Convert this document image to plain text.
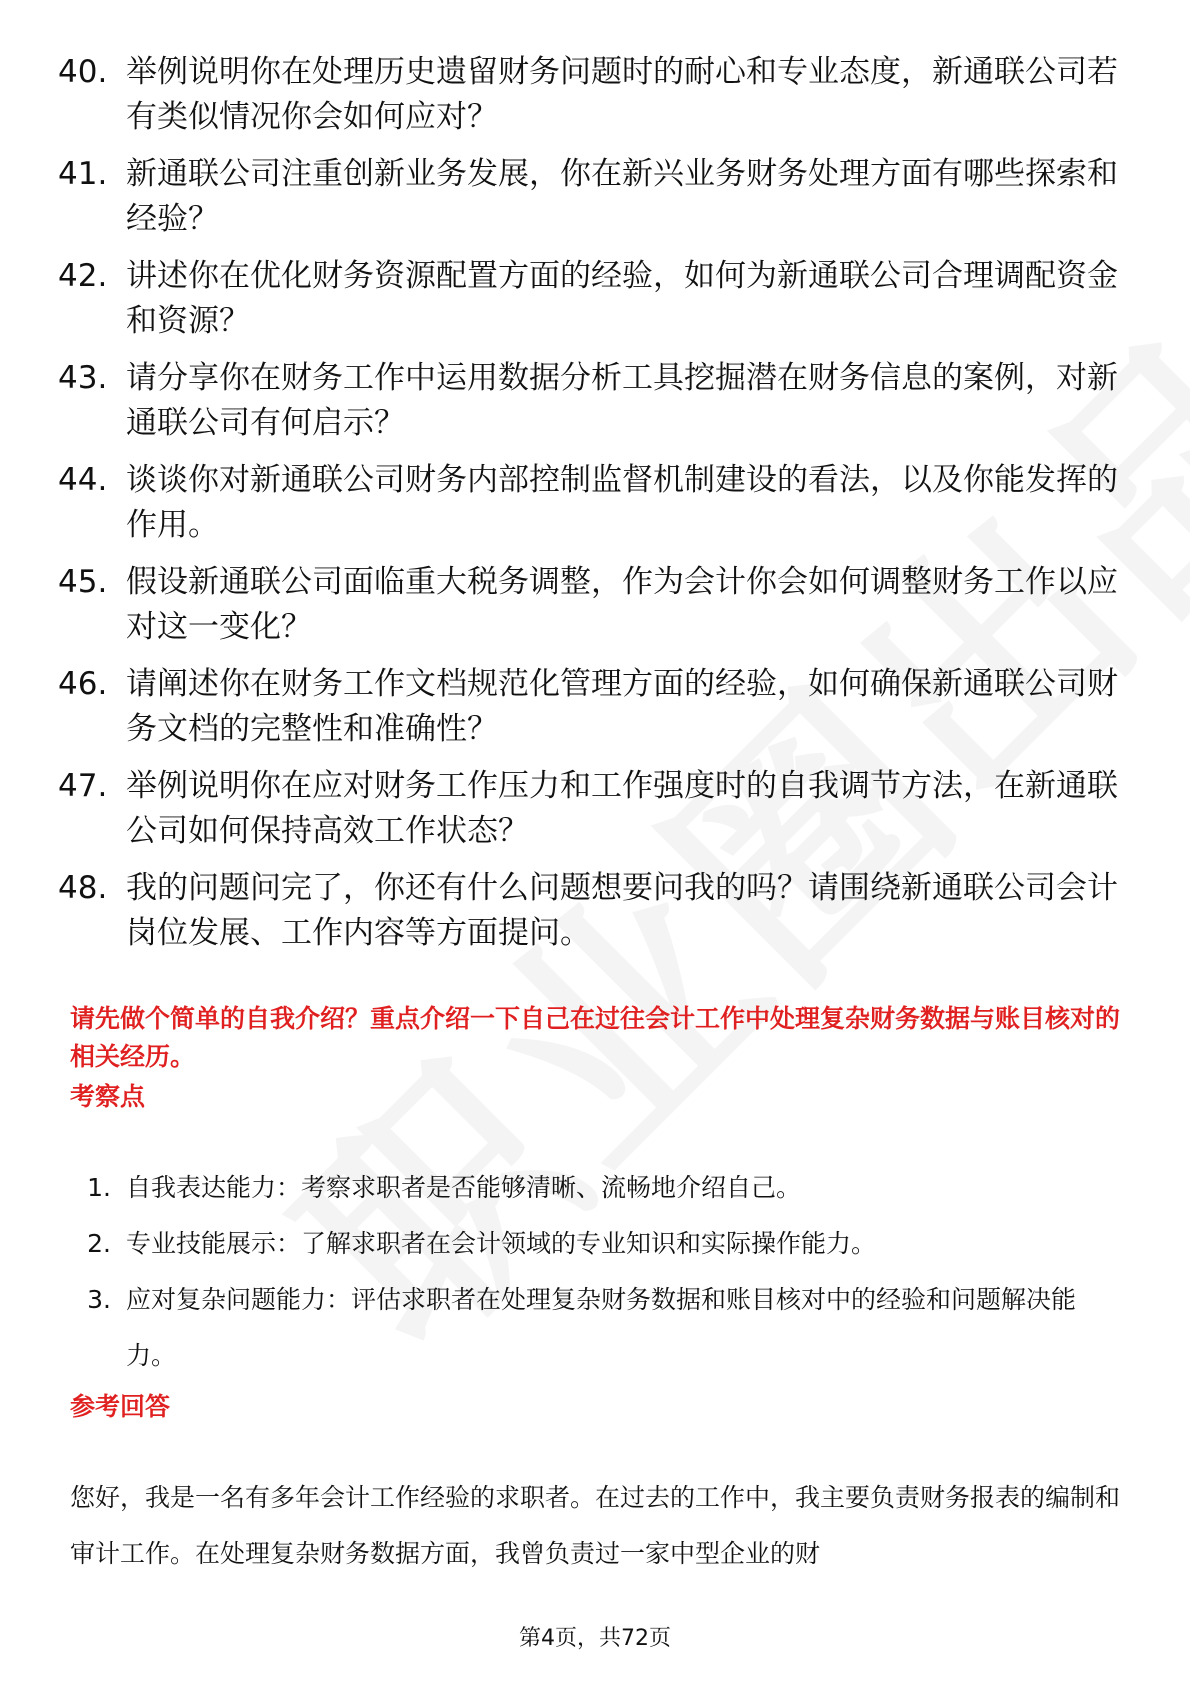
40. 举例说明你在处理历史遗留财务问题时的耐心和专业态度，新通联公司若有类似情况你会如何应对？
41. 新通联公司注重创新业务发展，你在新兴业务财务处理方面有哪些探索和经验？
42. 讲述你在优化财务资源配置方面的经验，如何为新通联公司合理调配资金和资源？
43. 请分享你在财务工作中运用数据分析工具挖掘潜在财务信息的案例，对新通联公司有何启示？
44. 谈谈你对新通联公司财务内部控制监督机制建设的看法，以及你能发挥的作用。
45. 假设新通联公司面临重大税务调整，作为会计你会如何调整财务工作以应对这一变化？
46. 请阐述你在财务工作文档规范化管理方面的经验，如何确保新通联公司财务文档的完整性和准确性？
47. 举例说明你在应对财务工作压力和工作强度时的自我调节方法，在新通联公司如何保持高效工作状态？
48. 我的问题问完了，你还有什么问题想要问我的吗？请围绕新通联公司会计岗位发展、工作内容等方面提问。
请先做个简单的自我介绍？重点介绍一下自己在过往会计工作中处理复杂财务数据与账目核对的相关经历。
考察点
1. 自我表达能力：考察求职者是否能够清晰、流畅地介绍自己。
2. 专业技能展示：了解求职者在会计领域的专业知识和实际操作能力。
3. 应对复杂问题能力：评估求职者在处理复杂财务数据和账目核对中的经验和问题解决能力。
参考回答
您好，我是一名有多年会计工作经验的求职者。在过去的工作中，我主要负责财务报表的编制和审计工作。在处理复杂财务数据方面，我曾负责过一家中型企业的财
第4页，共72页
